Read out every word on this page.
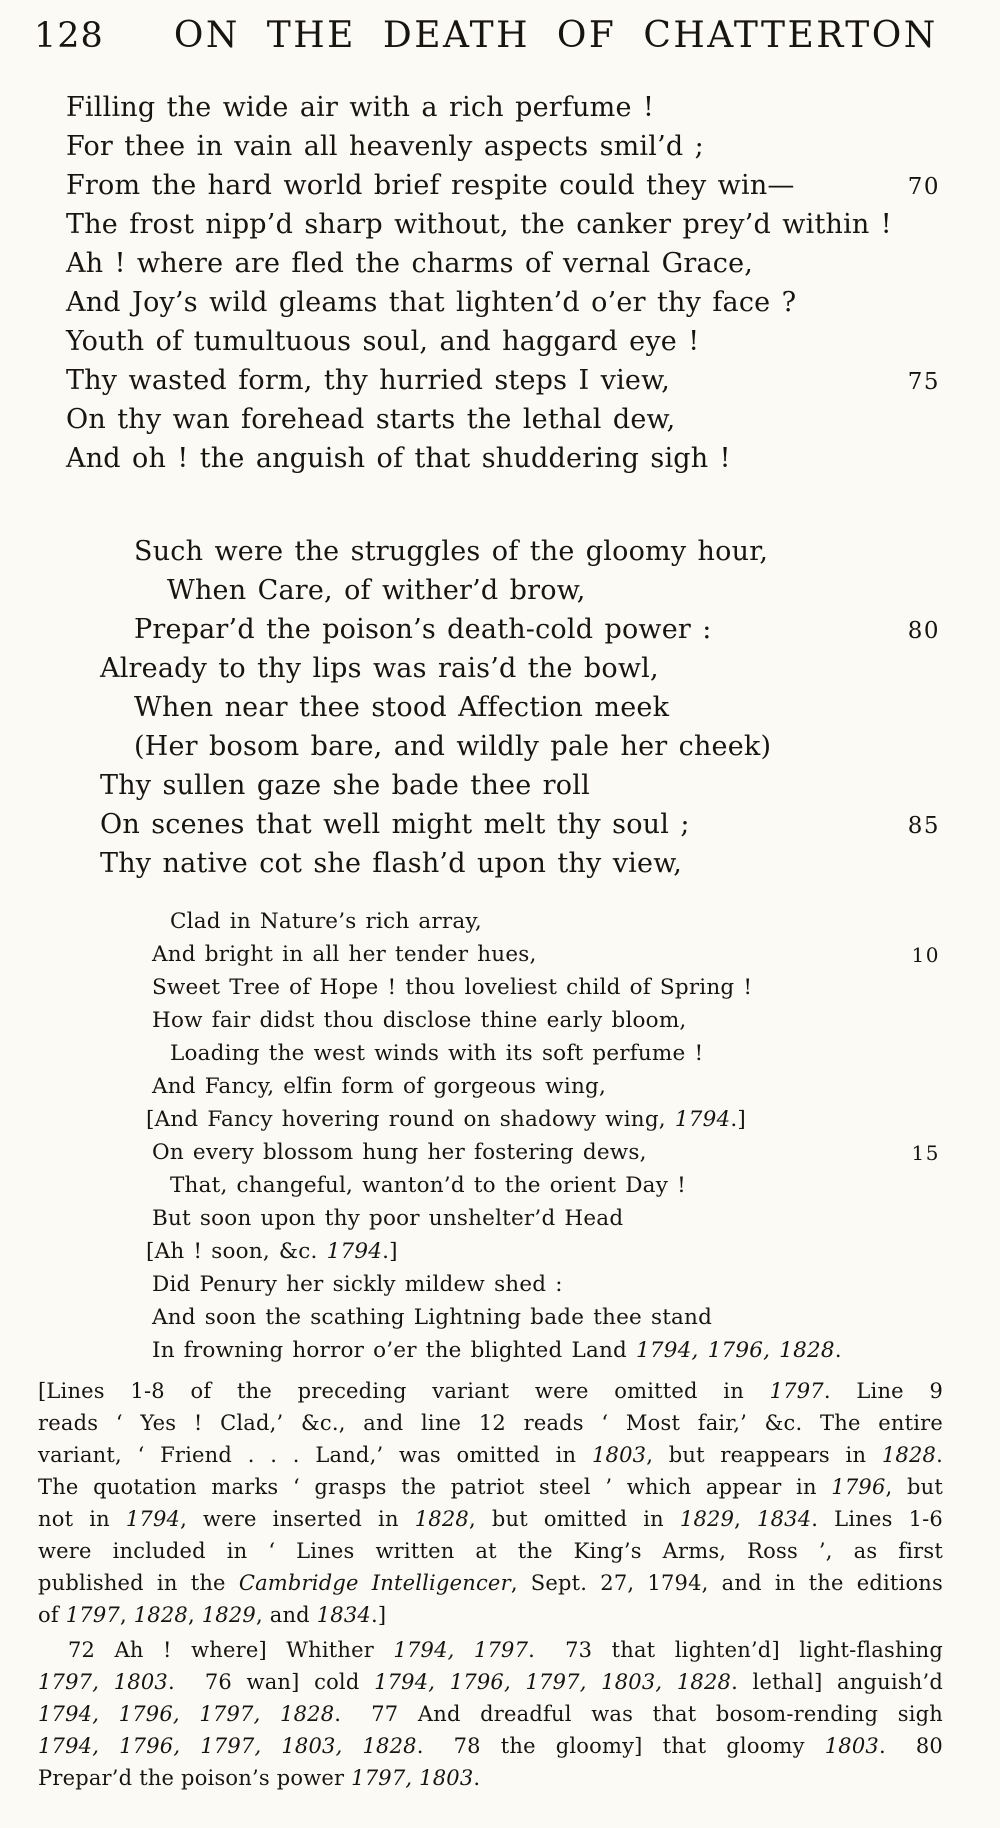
128 ON THE DEATH OF CHATTERTON
Filling the wide air with a rich perfume !
For thee in vain all heavenly aspects smil’d ;
From the hard world brief respite could they win—	70
The frost nipp’d sharp without, the canker prey’d within !
Ah ! where are fled the charms of vernal Grace,
And Joy’s wild gleams that lighten’d o’er thy face ?
Youth of tumultuous soul, and haggard eye !
Thy wasted form, thy hurried steps I view,	75
On thy wan forehead starts the lethal dew,
And oh ! the anguish of that shuddering sigh !
Such were the struggles of the gloomy hour,
When Care, of wither’d brow,
Prepar’d the poison’s death-cold power :	80
Already to thy lips was rais’d the bowl,
When near thee stood Affection meek
(Her bosom bare, and wildly pale her cheek)
Thy sullen gaze she bade thee roll
On scenes that well might melt thy soul ;	85
Thy native cot she flash’d upon thy view,
Clad in Nature’s rich array,
And bright in all her tender hues,	10
Sweet Tree of Hope ! thou loveliest child of Spring !
How fair didst thou disclose thine early bloom,
Loading the west winds with its soft perfume !
And Fancy, elfin form of gorgeous wing,
[And Fancy hovering round on shadowy wing, 1794.]
On every blossom hung her fostering dews,	15
That, changeful, wanton’d to the orient Day !
But soon upon thy poor unshelter’d Head
[Ah ! soon, &c. 1794.]
Did Penury her sickly mildew shed :
And soon the scathing Lightning bade thee stand
In frowning horror o’er the blighted Land 1794, 1796, 1828.
[Lines 1-8 of the preceding variant were omitted in 1797. Line 9
reads ‘ Yes ! Clad,’ &c., and line 12 reads ‘ Most fair,’ &c. The entire
variant, ‘ Friend . . . Land,’ was omitted in 1803, but reappears in 1828.
The quotation marks ‘ grasps the patriot steel ’ which appear in 1796, but
not in 1794, were inserted in 1828, but omitted in 1829, 1834. Lines 1-6
were included in ‘ Lines written at the King’s Arms, Ross ’, as first
published in the Cambridge Intelligencer, Sept. 27, 1794, and in the editions
of 1797, 1828, 1829, and 1834.]
72 Ah ! where] Whither 1794, 1797. 73 that lighten’d] light-flashing
1797, 1803. 76 wan] cold 1794, 1796, 1797, 1803, 1828. lethal] anguish’d
1794, 1796, 1797, 1828. 77 And dreadful was that bosom-rending sigh
1794, 1796, 1797, 1803, 1828. 78 the gloomy] that gloomy 1803. 80
Prepar’d the poison’s power 1797, 1803.
